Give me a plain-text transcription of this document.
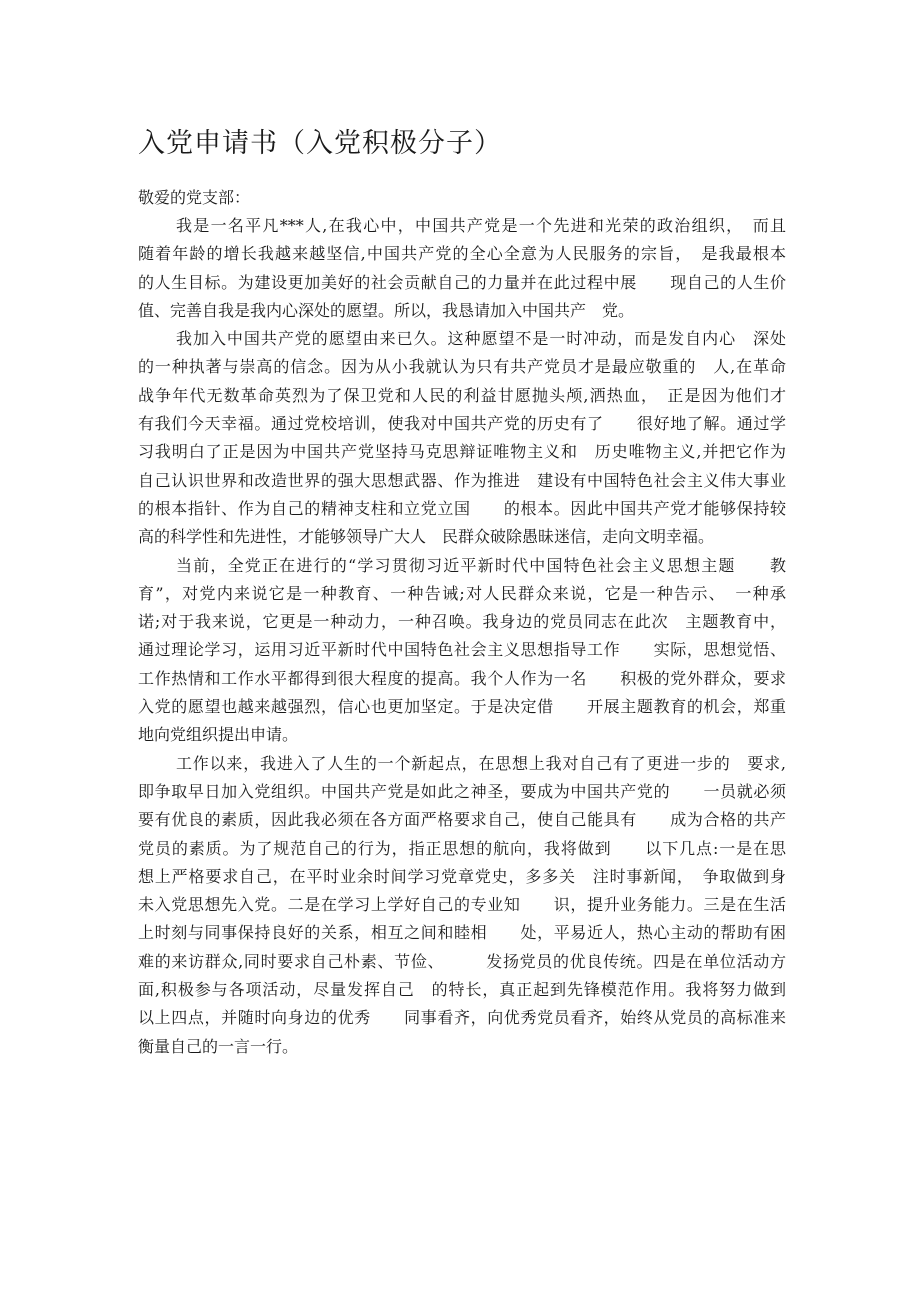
入党申请书（入党积极分子）
敬爱的党支部：
我是一名平凡***人,在我心中，中国共产党是一个先进和光荣的政治组织，　而且
随着年龄的增长我越来越坚信,中国共产党的全心全意为人民服务的宗旨，　是我最根本
的人生目标。为建设更加美好的社会贡献自己的力量并在此过程中展　　现自己的人生价
值、完善自我是我内心深处的愿望。所以，我恳请加入中国共产　党。
我加入中国共产党的愿望由来已久。这种愿望不是一时冲动，而是发自内心　深处
的一种执著与崇高的信念。因为从小我就认为只有共产党员才是最应敬重的　人,在革命
战争年代无数革命英烈为了保卫党和人民的利益甘愿抛头颅,洒热血，　正是因为他们才
有我们今天幸福。通过党校培训，使我对中国共产党的历史有了　　很好地了解。通过学
习我明白了正是因为中国共产党坚持马克思辩证唯物主义和　历史唯物主义,并把它作为
自己认识世界和改造世界的强大思想武器、作为推进　建设有中国特色社会主义伟大事业
的根本指针、作为自己的精神支柱和立党立国　　的根本。因此中国共产党才能够保持较
高的科学性和先进性，才能够领导广大人　民群众破除愚昧迷信，走向文明幸福。
当前，全党正在进行的“学习贯彻习近平新时代中国特色社会主义思想主题　　教
育”，对党内来说它是一种教育、一种告诫;对人民群众来说，它是一种告示、　一种承
诺;对于我来说，它更是一种动力，一种召唤。我身边的党员同志在此次　主题教育中，
通过理论学习，运用习近平新时代中国特色社会主义思想指导工作　　实际，思想觉悟、
工作热情和工作水平都得到很大程度的提高。我个人作为一名　　积极的党外群众，要求
入党的愿望也越来越强烈，信心也更加坚定。于是决定借　　开展主题教育的机会，郑重
地向党组织提出申请。
工作以来，我进入了人生的一个新起点，在思想上我对自己有了更进一步的　要求,
即争取早日加入党组织。中国共产党是如此之神圣，要成为中国共产党的　　一员就必须
要有优良的素质，因此我必须在各方面严格要求自己，使自己能具有　　成为合格的共产
党员的素质。为了规范自己的行为，指正思想的航向，我将做到　　以下几点:一是在思
想上严格要求自己，在平时业余时间学习党章党史，多多关　注时事新闻，　争取做到身
未入党思想先入党。二是在学习上学好自己的专业知　　识，提升业务能力。三是在生活
上时刻与同事保持良好的关系，相互之间和睦相　　处，平易近人，热心主动的帮助有困
难的来访群众,同时要求自己朴素、节俭、　　　发扬党员的优良传统。四是在单位活动方
面,积极参与各项活动，尽量发挥自己　的特长，真正起到先锋模范作用。我将努力做到
以上四点，并随时向身边的优秀　　同事看齐，向优秀党员看齐，始终从党员的高标准来
衡量自己的一言一行。
